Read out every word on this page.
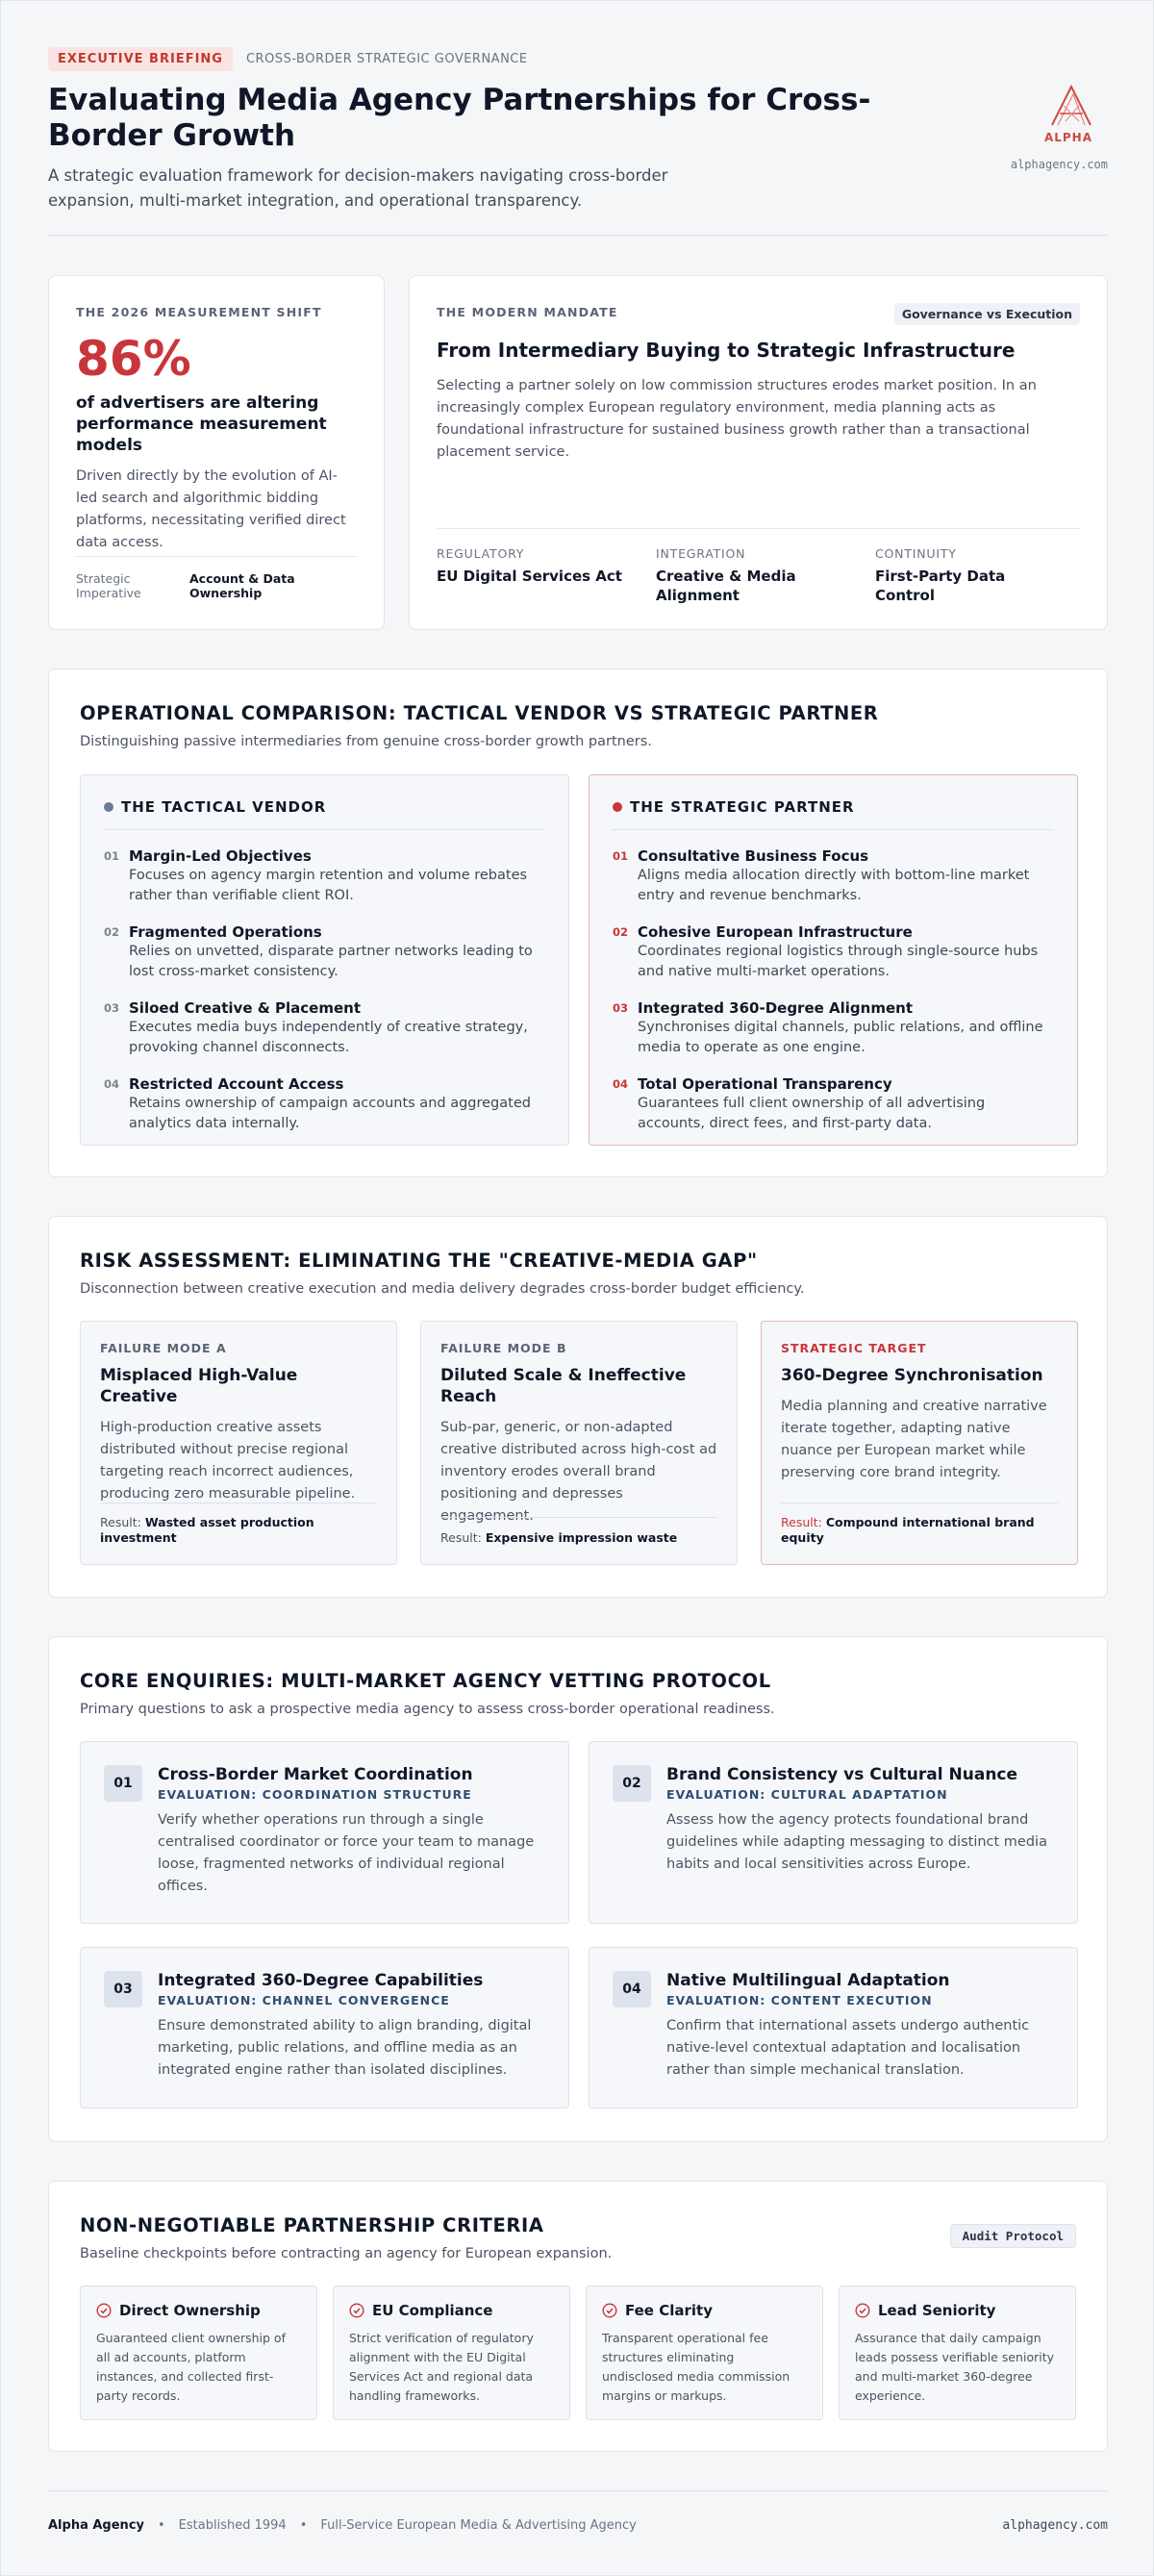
EXECUTIVE BRIEFING	CROSS-BORDER STRATEGIC GOVERNANCE
Evaluating Media Agency Partnerships for Cross-Border Growth

A strategic evaluation framework for decision-makers navigating cross-border expansion, multi-market integration, and operational transparency.

ALPHA
alphagency.com
THE 2026 MEASUREMENT SHIFT
86%
of advertisers are altering performance measurement models
Driven directly by the evolution of AI-led search and algorithmic bidding platforms, necessitating verified direct data access.
Strategic Imperative
Account & Data Ownership
THE MODERN MANDATE	Governance vs Execution
From Intermediary Buying to Strategic Infrastructure

Selecting a partner solely on low commission structures erodes market position. In an increasingly complex European regulatory environment, media planning acts as foundational infrastructure for sustained business growth rather than a transactional placement service.

REGULATORY
EU Digital Services Act
INTEGRATION
Creative & Media Alignment
CONTINUITY
First-Party Data Control
OPERATIONAL COMPARISON: TACTICAL VENDOR VS STRATEGIC PARTNER

Distinguishing passive intermediaries from genuine cross-border growth partners.

THE TACTICAL VENDOR
01 Margin-Led Objectives
Focuses on agency margin retention and volume rebates rather than verifiable client ROI.
02 Fragmented Operations
Relies on unvetted, disparate partner networks leading to lost cross-market consistency.
03 Siloed Creative & Placement
Executes media buys independently of creative strategy, provoking channel disconnects.
04 Restricted Account Access
Retains ownership of campaign accounts and aggregated analytics data internally.
THE STRATEGIC PARTNER
01 Consultative Business Focus
Aligns media allocation directly with bottom-line market entry and revenue benchmarks.
02 Cohesive European Infrastructure
Coordinates regional logistics through single-source hubs and native multi-market operations.
03 Integrated 360-Degree Alignment
Synchronises digital channels, public relations, and offline media to operate as one engine.
04 Total Operational Transparency
Guarantees full client ownership of all advertising accounts, direct fees, and first-party data.
RISK ASSESSMENT: ELIMINATING THE "CREATIVE-MEDIA GAP"

Disconnection between creative execution and media delivery degrades cross-border budget efficiency.

FAILURE MODE A
Misplaced High-Value Creative
High-production creative assets distributed without precise regional targeting reach incorrect audiences, producing zero measurable pipeline.
Result: Wasted asset production investment
FAILURE MODE B
Diluted Scale & Ineffective Reach
Sub-par, generic, or non-adapted creative distributed across high-cost ad inventory erodes overall brand positioning and depresses engagement.
Result: Expensive impression waste
STRATEGIC TARGET
360-Degree Synchronisation
Media planning and creative narrative iterate together, adapting native nuance per European market while preserving core brand integrity.
Result: Compound international brand equity
CORE ENQUIRIES: MULTI-MARKET AGENCY VETTING PROTOCOL

Primary questions to ask a prospective media agency to assess cross-border operational readiness.

01	Cross-Border Market Coordination
EVALUATION: COORDINATION STRUCTURE
Verify whether operations run through a single centralised coordinator or force your team to manage loose, fragmented networks of individual regional offices.
02	Brand Consistency vs Cultural Nuance
EVALUATION: CULTURAL ADAPTATION
Assess how the agency protects foundational brand guidelines while adapting messaging to distinct media habits and local sensitivities across Europe.
03	Integrated 360-Degree Capabilities
EVALUATION: CHANNEL CONVERGENCE
Ensure demonstrated ability to align branding, digital marketing, public relations, and offline media as an integrated engine rather than isolated disciplines.
04	Native Multilingual Adaptation
EVALUATION: CONTENT EXECUTION
Confirm that international assets undergo authentic native-level contextual adaptation and localisation rather than simple mechanical translation.
NON-NEGOTIABLE PARTNERSHIP CRITERIA

Baseline checkpoints before contracting an agency for European expansion.

Audit Protocol
Direct Ownership
Guaranteed client ownership of all ad accounts, platform instances, and collected first-party records.
EU Compliance
Strict verification of regulatory alignment with the EU Digital Services Act and regional data handling frameworks.
Fee Clarity
Transparent operational fee structures eliminating undisclosed media commission margins or markups.
Lead Seniority
Assurance that daily campaign leads possess verifiable seniority and multi-market 360-degree experience.
Alpha Agency • Established 1994 • Full-Service European Media & Advertising Agency	alphagency.com
